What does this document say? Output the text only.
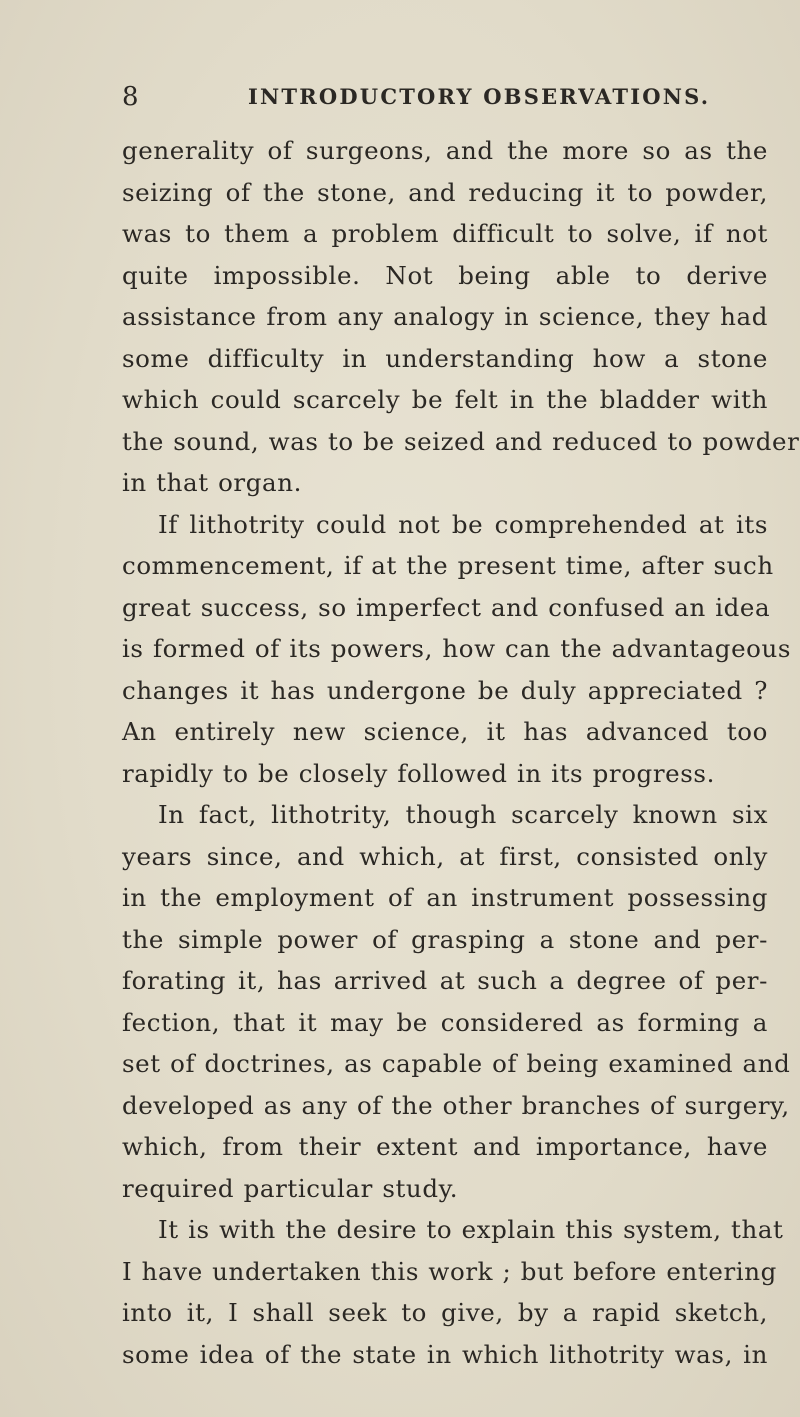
8	INTRODUCTORY OBSERVATIONS.
generality of surgeons, and the more so as the
seizing of the stone, and reducing it to powder,
was to them a problem difficult to solve, if not
quite impossible. Not being able to derive
assistance from any analogy in science, they had
some difficulty in understanding how a stone
which could scarcely be felt in the bladder with
the sound, was to be seized and reduced to powder
in that organ.
If lithotrity could not be comprehended at its
commencement, if at the present time, after such
great success, so imperfect and confused an idea
is formed of its powers, how can the advantageous
changes it has undergone be duly appreciated ?
An entirely new science, it has advanced too
rapidly to be closely followed in its progress.
In fact, lithotrity, though scarcely known six
years since, and which, at first, consisted only
in the employment of an instrument possessing
the simple power of grasping a stone and per-
forating it, has arrived at such a degree of per-
fection, that it may be considered as forming a
set of doctrines, as capable of being examined and
developed as any of the other branches of surgery,
which, from their extent and importance, have
required particular study.
It is with the desire to explain this system, that
I have undertaken this work ; but before entering
into it, I shall seek to give, by a rapid sketch,
some idea of the state in which lithotrity was, in
